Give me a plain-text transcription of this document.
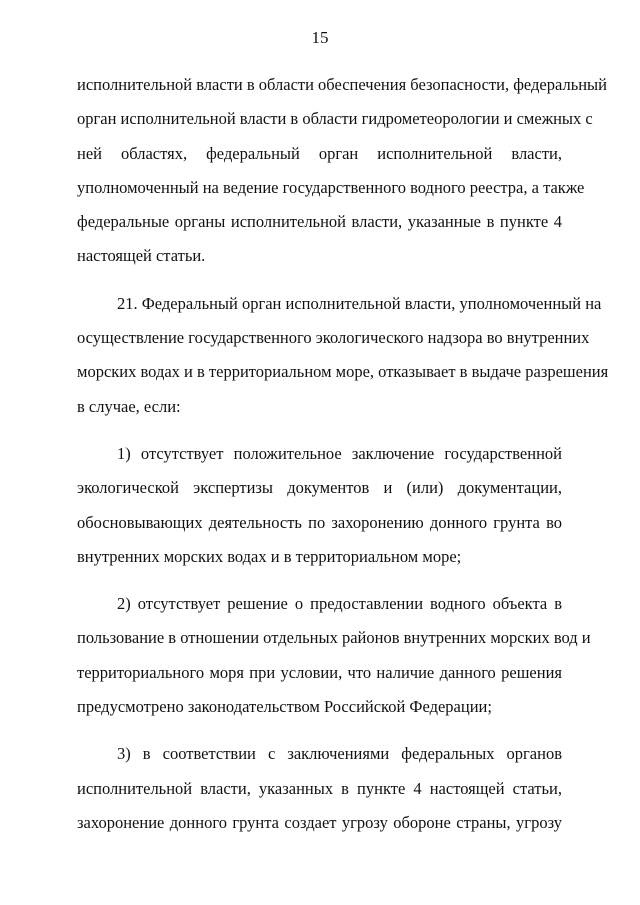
15
исполнительной власти в области обеспечения безопасности, федеральный
орган исполнительной власти в области гидрометеорологии и смежных с
ней областях, федеральный орган исполнительной власти,
уполномоченный на ведение государственного водного реестра, а также
федеральные органы исполнительной власти, указанные в пункте 4
настоящей статьи.
21. Федеральный орган исполнительной власти, уполномоченный на
осуществление государственного экологического надзора во внутренних
морских водах и в территориальном море, отказывает в выдаче разрешения
в случае, если:
1) отсутствует положительное заключение государственной
экологической экспертизы документов и (или) документации,
обосновывающих деятельность по захоронению донного грунта во
внутренних морских водах и в территориальном море;
2) отсутствует решение о предоставлении водного объекта в
пользование в отношении отдельных районов внутренних морских вод и
территориального моря при условии, что наличие данного решения
предусмотрено законодательством Российской Федерации;
3) в соответствии с заключениями федеральных органов
исполнительной власти, указанных в пункте 4 настоящей статьи,
захоронение донного грунта создает угрозу обороне страны, угрозу
